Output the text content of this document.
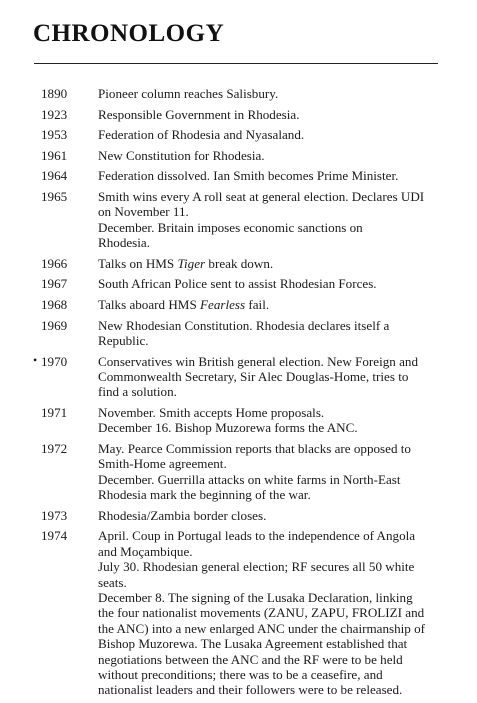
CHRONOLOGY
1890	Pioneer column reaches Salisbury.
1923	Responsible Government in Rhodesia.
1953	Federation of Rhodesia and Nyasaland.
1961	New Constitution for Rhodesia.
1964	Federation dissolved. Ian Smith becomes Prime Minister.
1965	Smith wins every A roll seat at general election. Declares UDI
on November 11.
December. Britain imposes economic sanctions on
Rhodesia.
1966	Talks on HMS Tiger break down.
1967	South African Police sent to assist Rhodesian Forces.
1968	Talks aboard HMS Fearless fail.
1969	New Rhodesian Constitution. Rhodesia declares itself a
Republic.
• 1970	Conservatives win British general election. New Foreign and
Commonwealth Secretary, Sir Alec Douglas-Home, tries to
find a solution.
1971	November. Smith accepts Home proposals.
December 16. Bishop Muzorewa forms the ANC.
1972	May. Pearce Commission reports that blacks are opposed to
Smith-Home agreement.
December. Guerrilla attacks on white farms in North-East
Rhodesia mark the beginning of the war.
1973	Rhodesia/Zambia border closes.
1974	April. Coup in Portugal leads to the independence of Angola
and Moçambique.
July 30. Rhodesian general election; RF secures all 50 white
seats.
December 8. The signing of the Lusaka Declaration, linking
the four nationalist movements (ZANU, ZAPU, FROLIZI and
the ANC) into a new enlarged ANC under the chairmanship of
Bishop Muzorewa. The Lusaka Agreement established that
negotiations between the ANC and the RF were to be held
without preconditions; there was to be a ceasefire, and
nationalist leaders and their followers were to be released.
